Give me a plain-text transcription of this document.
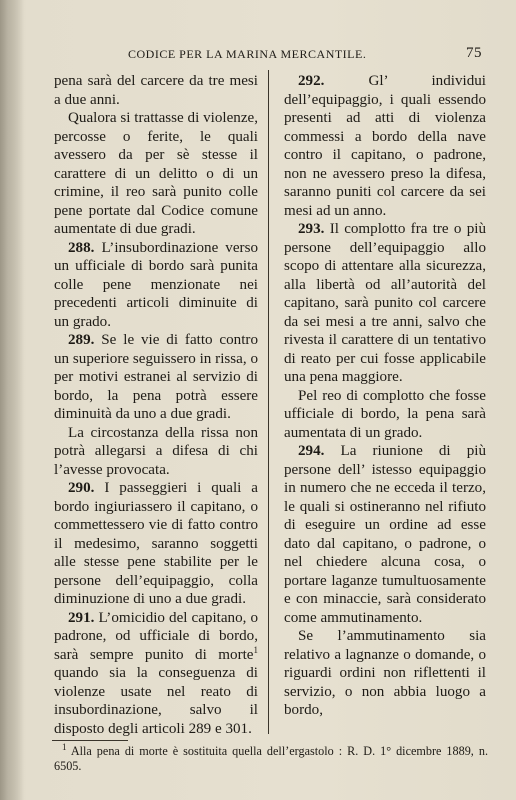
CODICE PER LA MARINA MERCANTILE.	75

pena sarà del carcere da tre mesi a due anni.

Qualora si trattasse di violenze, percosse o ferite, le quali avessero da per sè stesse il carattere di un delitto o di un crimine, il reo sarà punito colle pene portate dal Codice comune aumentate di due gradi.

288. L’insubordinazione verso un ufficiale di bordo sarà punita colle pene menzionate nei precedenti articoli diminuite di un grado.

289. Se le vie di fatto contro un superiore seguissero in rissa, o per motivi estranei al servizio di bordo, la pena potrà essere diminuità da uno a due gradi.

La circostanza della rissa non potrà allegarsi a difesa di chi l’avesse provocata.

290. I passeggieri i quali a bordo ingiuriassero il capitano, o commettessero vie di fatto contro il medesimo, saranno soggetti alle stesse pene stabilite per le persone dell’equipaggio, colla diminuzione di uno a due gradi.

291. L’omicidio del capitano, o padrone, od ufficiale di bordo, sarà sempre punito di morte$^1$ quando sia la conseguenza di violenze usate nel reato di insubordinazione, salvo il disposto degli articoli 289 e 301.

292. Gl’ individui dell’equipaggio, i quali essendo presenti ad atti di violenza commessi a bordo della nave contro il capitano, o padrone, non ne avessero preso la difesa, saranno puniti col carcere da sei mesi ad un anno.

293. Il complotto fra tre o più persone dell’equipaggio allo scopo di attentare alla sicurezza, alla libertà od all’autorità del capitano, sarà punito col carcere da sei mesi a tre anni, salvo che rivesta il carattere di un tentativo di reato per cui fosse applicabile una pena maggiore.

Pel reo di complotto che fosse ufficiale di bordo, la pena sarà aumentata di un grado.

294. La riunione di più persone dell’ istesso equipaggio in numero che ne ecceda il terzo, le quali si ostineranno nel rifiuto di eseguire un ordine ad esse dato dal capitano, o padrone, o nel chiedere alcuna cosa, o portare laganze tumultuosamente e con minaccie, sarà considerato come ammutinamento.

Se l’ammutinamento sia relativo a lagnanze o domande, o riguardi ordini non riflettenti il servizio, o non abbia luogo a bordo,

$^1$ Alla pena di morte è sostituita quella dell’ergastolo : R. D. 1° dicembre 1889, n. 6505.
